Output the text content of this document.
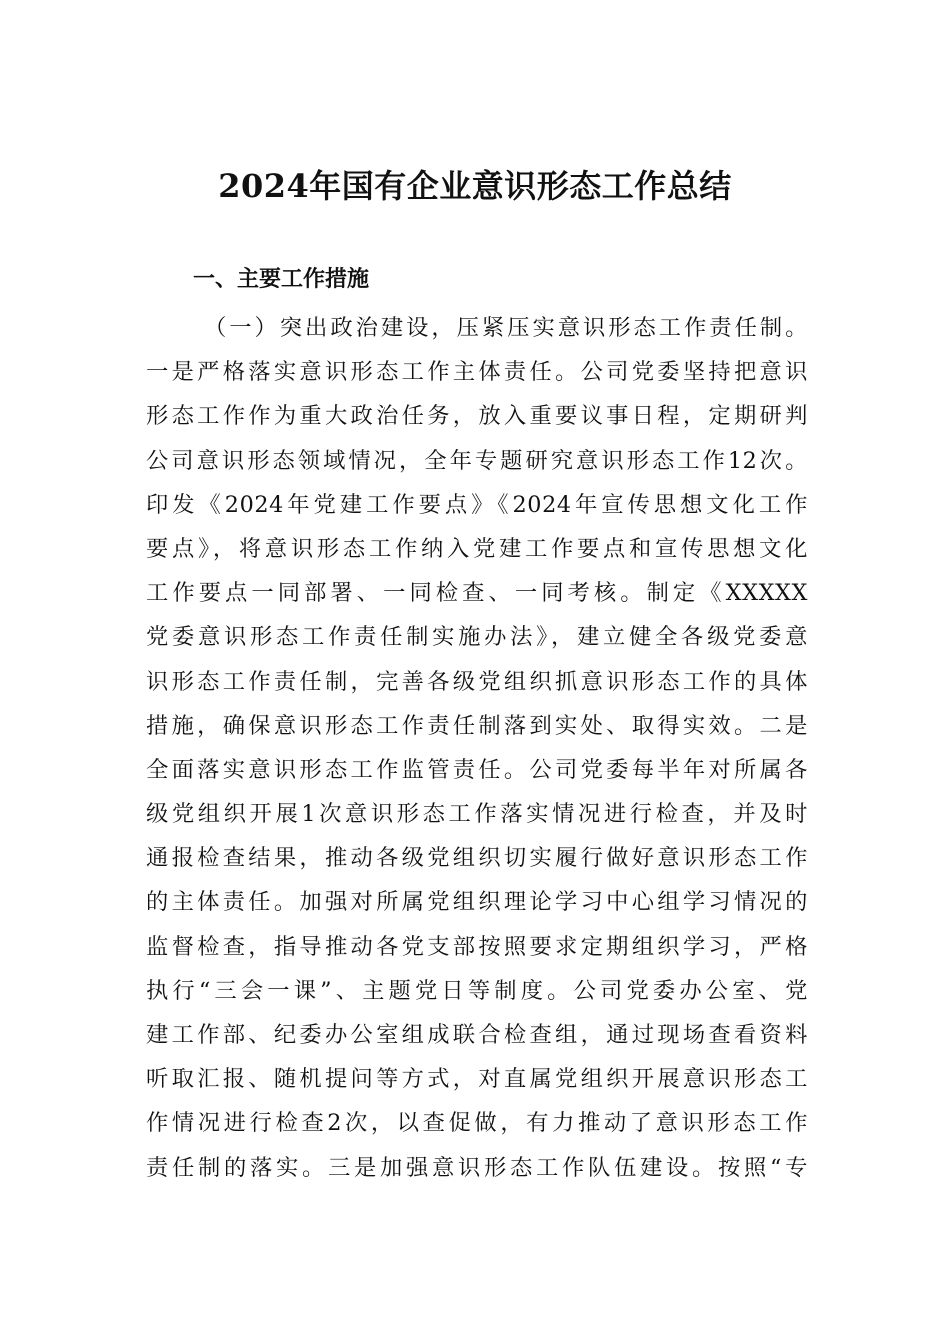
2024年国有企业意识形态工作总结
一、主要工作措施
（一）突出政治建设，压紧压实意识形态工作责任制。
一是严格落实意识形态工作主体责任。公司党委坚持把意识
形态工作作为重大政治任务，放入重要议事日程，定期研判
公司意识形态领域情况，全年专题研究意识形态工作12次。
印发《2024年党建工作要点》《2024年宣传思想文化工作
要点》，将意识形态工作纳入党建工作要点和宣传思想文化
工作要点一同部署、一同检查、一同考核。制定《XXXXX
党委意识形态工作责任制实施办法》，建立健全各级党委意
识形态工作责任制，完善各级党组织抓意识形态工作的具体
措施，确保意识形态工作责任制落到实处、取得实效。二是
全面落实意识形态工作监管责任。公司党委每半年对所属各
级党组织开展1次意识形态工作落实情况进行检查，并及时
通报检查结果，推动各级党组织切实履行做好意识形态工作
的主体责任。加强对所属党组织理论学习中心组学习情况的
监督检查，指导推动各党支部按照要求定期组织学习，严格
执行“三会一课”、主题党日等制度。公司党委办公室、党
建工作部、纪委办公室组成联合检查组，通过现场查看资料
听取汇报、随机提问等方式，对直属党组织开展意识形态工
作情况进行检查2次，以查促做，有力推动了意识形态工作
责任制的落实。三是加强意识形态工作队伍建设。按照“专
